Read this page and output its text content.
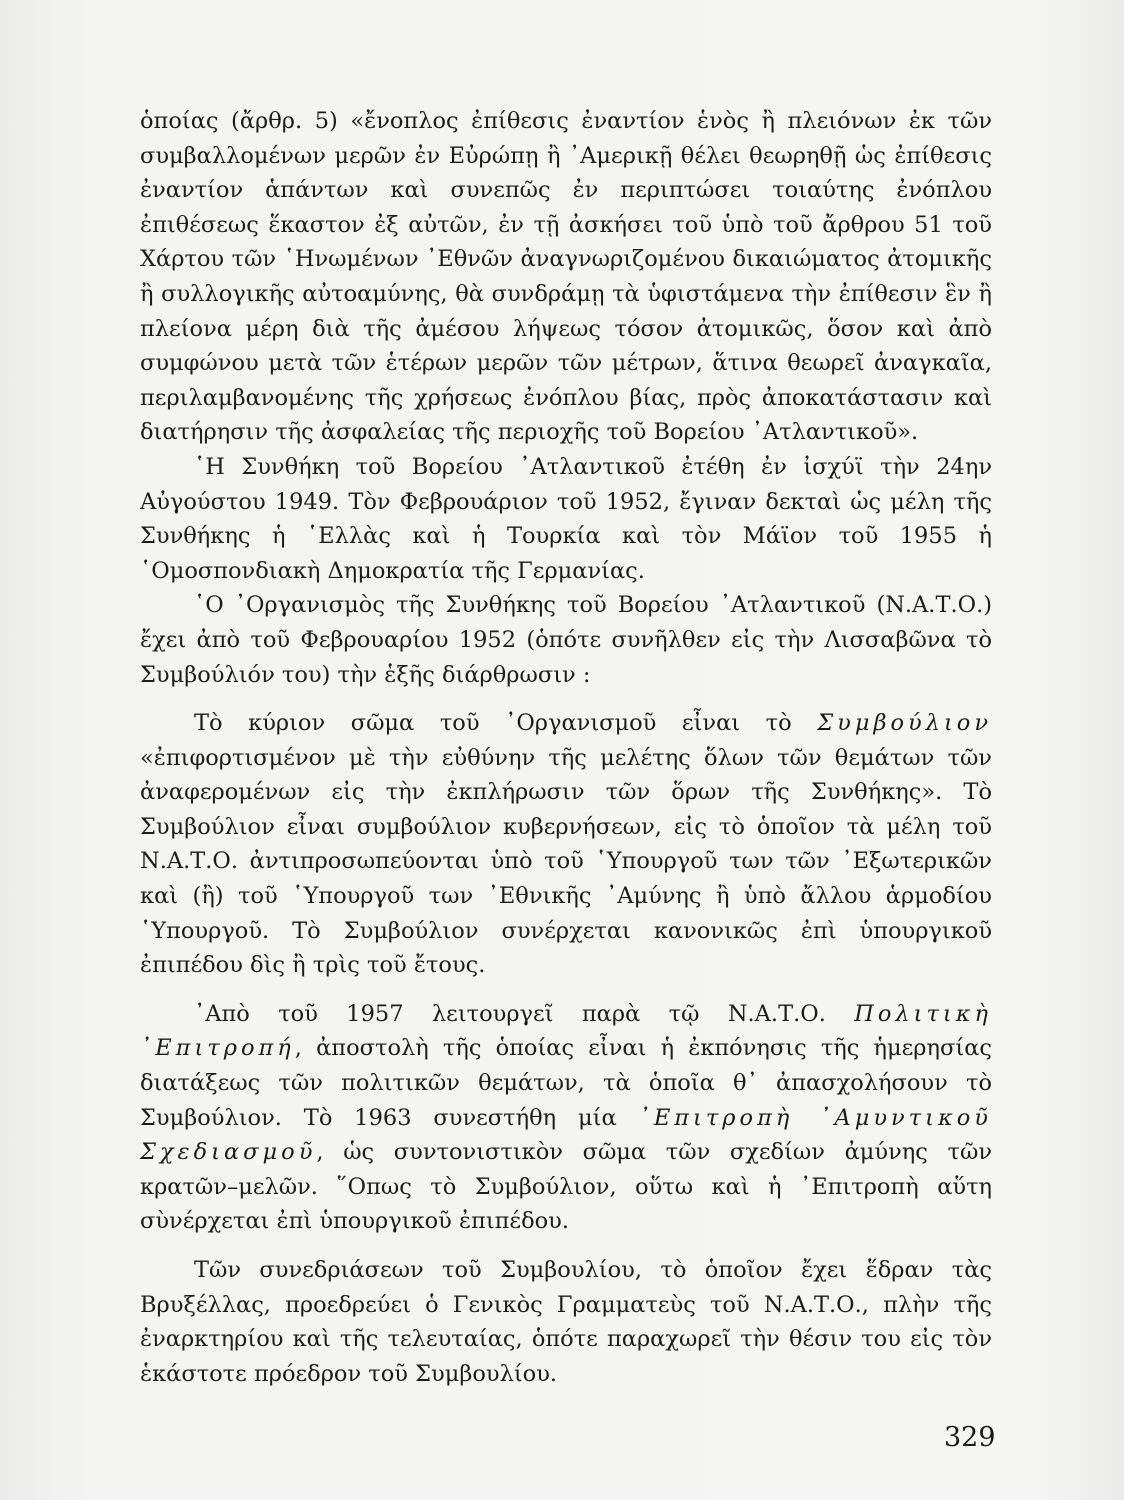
ὁποίας (ἄρθρ. 5) «ἔνοπλος ἐπίθεσις ἐναντίον ἑνὸς ἢ πλειόνων ἐκ τῶν συμβαλλομένων μερῶν ἐν Εὐρώπῃ ἢ ᾿Αμερικῇ θέλει θεωρηθῇ ὡς ἐπίθεσις ἐναντίον ἁπάντων καὶ συνεπῶς ἐν περιπτώσει τοιαύτης ἐνόπλου ἐπιθέσεως ἕκαστον ἐξ αὐτῶν, ἐν τῇ ἀσκήσει τοῦ ὑπὸ τοῦ ἄρθρου 51 τοῦ Χάρτου τῶν ῾Ηνωμένων ᾿Εθνῶν ἀναγνωριζομένου δικαιώματος ἀτομικῆς ἢ συλλογικῆς αὐτοαμύνης, θὰ συνδράμῃ τὰ ὑφιστάμενα τὴν ἐπίθεσιν ἓν ἢ πλείονα μέρη διὰ τῆς ἀμέσου λήψεως τόσον ἀτομικῶς, ὅσον καὶ ἀπὸ συμφώνου μετὰ τῶν ἑτέρων μερῶν τῶν μέτρων, ἅτινα θεωρεῖ ἀναγκαῖα, περιλαμβανομένης τῆς χρήσεως ἐνόπλου βίας, πρὸς ἀποκατάστασιν καὶ διατήρησιν τῆς ἀσφαλείας τῆς περιοχῆς τοῦ Βορείου ᾿Ατλαντικοῦ».

῾Η Συνθήκη τοῦ Βορείου ᾿Ατλαντικοῦ ἐτέθη ἐν ἰσχύϊ τὴν 24ην Αὐγούστου 1949. Τὸν Φεβρουάριον τοῦ 1952, ἔγιναν δεκταὶ ὡς μέλη τῆς Συνθήκης ἡ ῾Ελλὰς καὶ ἡ Τουρκία καὶ τὸν Μάϊον τοῦ 1955 ἡ ῾Ομοσπονδιακὴ Δημοκρατία τῆς Γερμανίας.

῾Ο ᾿Οργανισμὸς τῆς Συνθήκης τοῦ Βορείου ᾿Ατλαντικοῦ (Ν.Α.Τ.Ο.) ἔχει ἀπὸ τοῦ Φεβρουαρίου 1952 (ὁπότε συνῆλθεν εἰς τὴν Λισσαβῶνα τὸ Συμβούλιόν του) τὴν ἑξῆς διάρθρωσιν :

Τὸ κύριον σῶμα τοῦ ᾿Οργανισμοῦ εἶναι τὸ Συμβούλιον «ἐπιφορτισμένον μὲ τὴν εὐθύνην τῆς μελέτης ὅλων τῶν θεμάτων τῶν ἀναφερομένων εἰς τὴν ἐκπλήρωσιν τῶν ὅρων τῆς Συνθήκης». Τὸ Συμβούλιον εἶναι συμβούλιον κυβερνήσεων, εἰς τὸ ὁποῖον τὰ μέλη τοῦ Ν.Α.Τ.Ο. ἀντιπροσωπεύονται ὑπὸ τοῦ ῾Υπουργοῦ των τῶν ᾿Εξωτερικῶν καὶ (ἢ) τοῦ ῾Υπουργοῦ των ᾿Εθνικῆς ᾿Αμύνης ἢ ὑπὸ ἄλλου ἁρμοδίου ῾Υπουργοῦ. Τὸ Συμβούλιον συνέρχεται κανονικῶς ἐπὶ ὑπουργικοῦ ἐπιπέδου δὶς ἢ τρὶς τοῦ ἔτους.

᾿Απὸ τοῦ 1957 λειτουργεῖ παρὰ τῷ Ν.Α.Τ.Ο. Πολιτικὴ ᾿Επιτροπή, ἀποστολὴ τῆς ὁποίας εἶναι ἡ ἐκπόνησις τῆς ἡμερησίας διατάξεως τῶν πολιτικῶν θεμάτων, τὰ ὁποῖα θ᾿ ἀπασχολήσουν τὸ Συμβούλιον. Τὸ 1963 συνεστήθη μία ᾿Επιτροπὴ ᾿Αμυντικοῦ Σχεδιασμοῦ, ὡς συντονιστικὸν σῶμα τῶν σχεδίων ἀμύνης τῶν κρατῶν–μελῶν. ῞Οπως τὸ Συμβούλιον, οὕτω καὶ ἡ ᾿Επιτροπὴ αὕτη σὺνέρχεται ἐπὶ ὑπουργικοῦ ἐπιπέδου.

Τῶν συνεδριάσεων τοῦ Συμβουλίου, τὸ ὁποῖον ἔχει ἕδραν τὰς Βρυξέλλας, προεδρεύει ὁ Γενικὸς Γραμματεὺς τοῦ Ν.Α.Τ.Ο., πλὴν τῆς ἐναρκτηρίου καὶ τῆς τελευταίας, ὁπότε παραχωρεῖ τὴν θέσιν του εἰς τὸν ἑκάστοτε πρόεδρον τοῦ Συμβουλίου.

329
